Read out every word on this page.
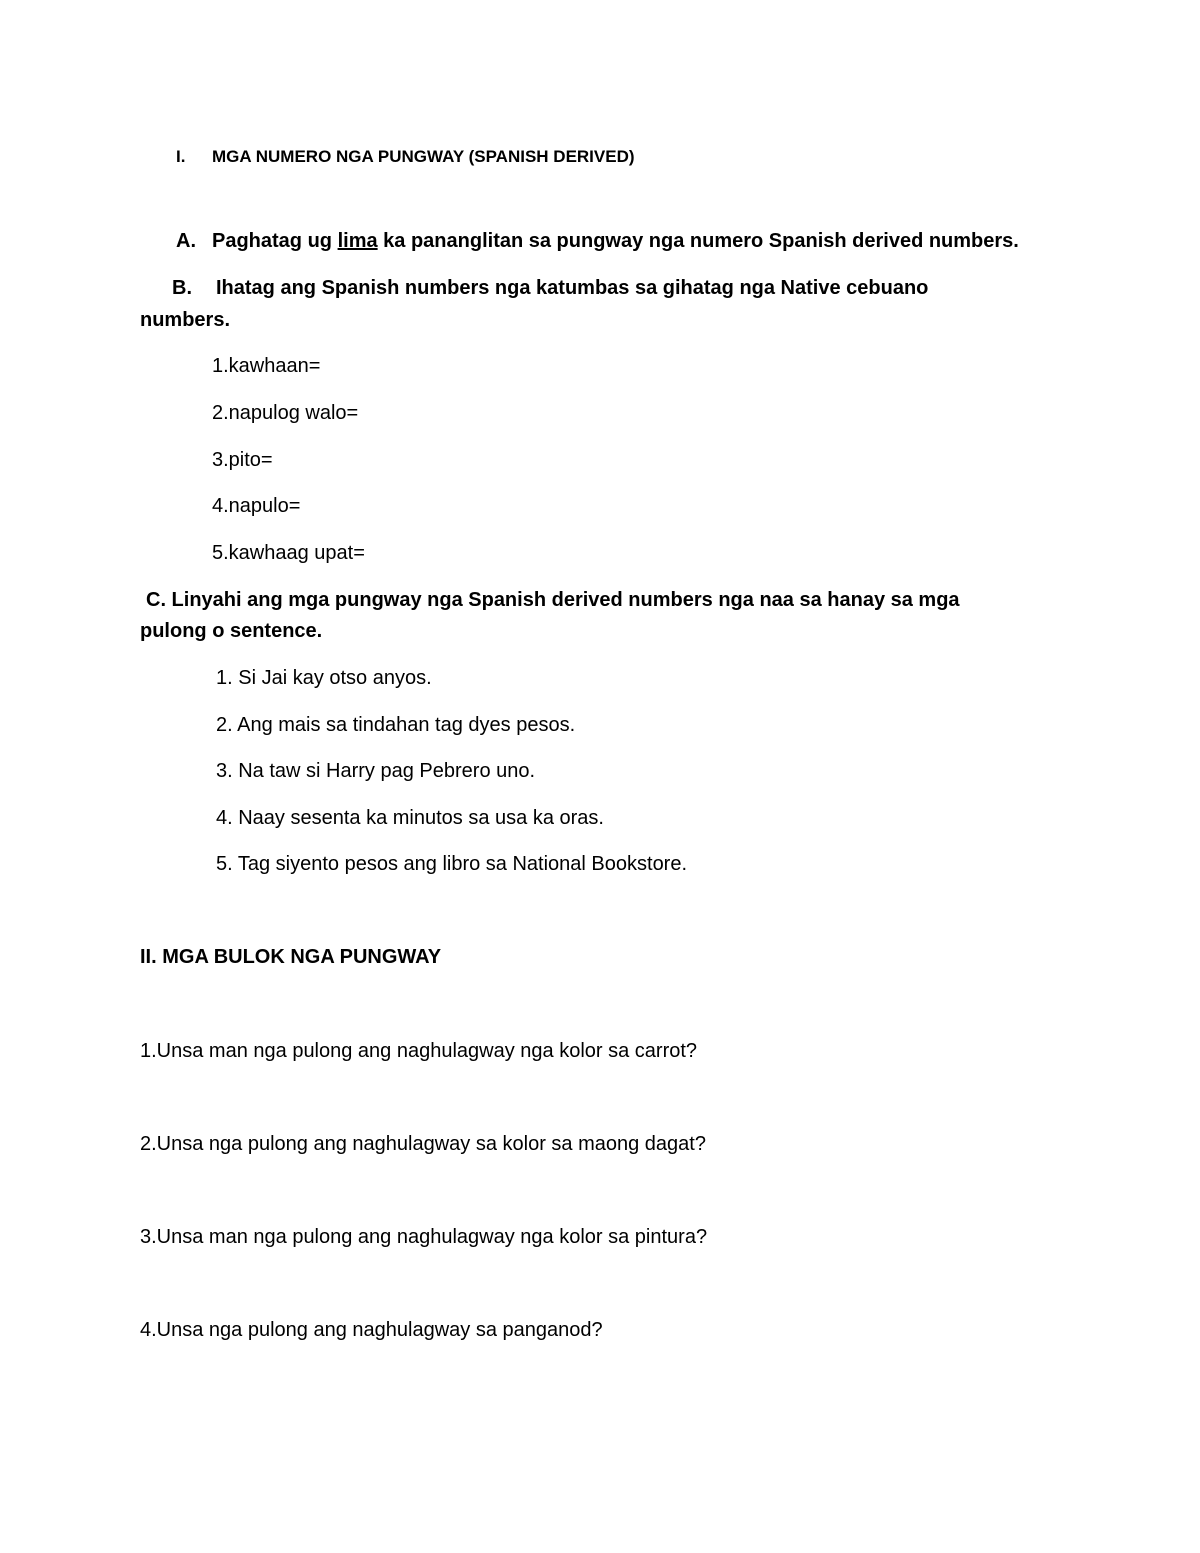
I. MGA NUMERO NGA PUNGWAY (SPANISH DERIVED)
A. Paghatag ug lima ka pananglitan sa pungway nga numero Spanish derived numbers.
B. Ihatag ang Spanish numbers nga katumbas sa gihatag nga Native cebuano
numbers.
1.kawhaan=
2.napulog walo=
3.pito=
4.napulo=
5.kawhaag upat=
C. Linyahi ang mga pungway nga Spanish derived numbers nga naa sa hanay sa mga
pulong o sentence.
1. Si Jai kay otso anyos.
2. Ang mais sa tindahan tag dyes pesos.
3. Na taw si Harry pag Pebrero uno.
4. Naay sesenta ka minutos sa usa ka oras.
5. Tag siyento pesos ang libro sa National Bookstore.
II. MGA BULOK NGA PUNGWAY
1.Unsa man nga pulong ang naghulagway nga kolor sa carrot?
2.Unsa nga pulong ang naghulagway sa kolor sa maong dagat?
3.Unsa man nga pulong ang naghulagway nga kolor sa pintura?
4.Unsa nga pulong ang naghulagway sa panganod?
